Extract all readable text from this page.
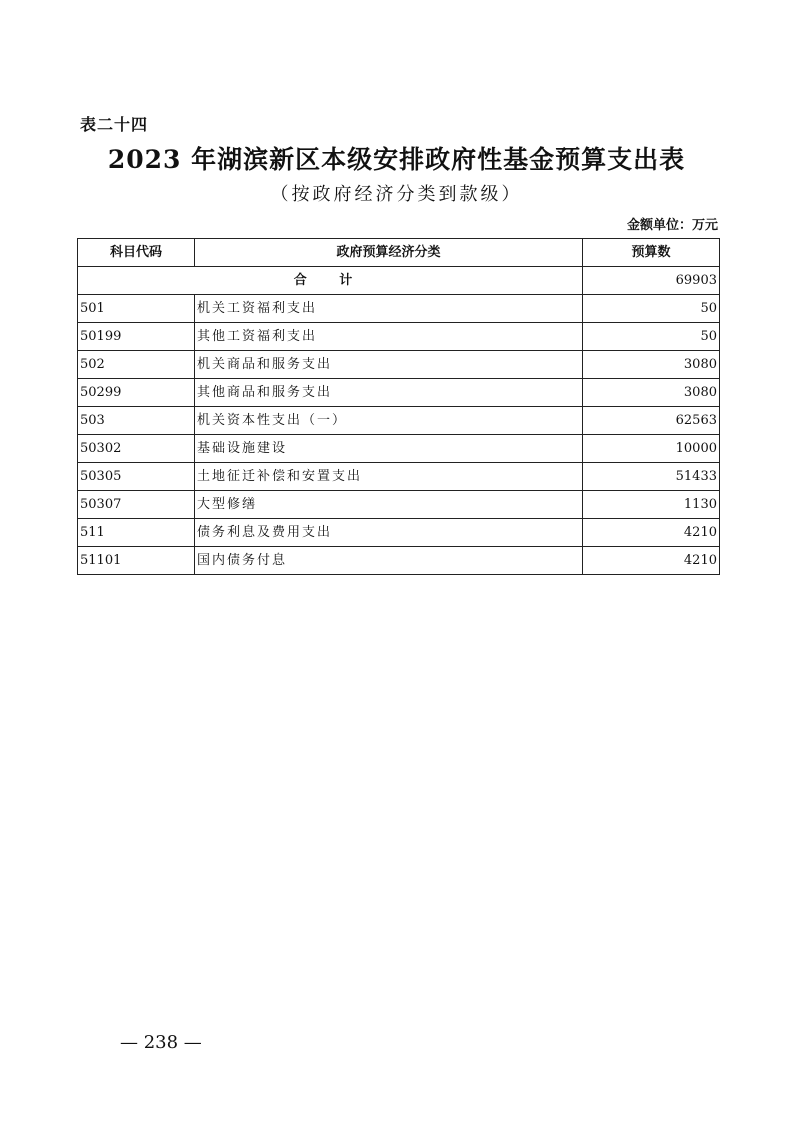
表二十四
2023 年湖滨新区本级安排政府性基金预算支出表
（按政府经济分类到款级）
金额单位：万元
科目代码	政府预算经济分类	预算数
合 计		69903
501	机关工资福利支出	50
50199	其他工资福利支出	50
502	机关商品和服务支出	3080
50299	其他商品和服务支出	3080
503	机关资本性支出（一）	62563
50302	基础设施建设	10000
50305	土地征迁补偿和安置支出	51433
50307	大型修缮	1130
511	债务利息及费用支出	4210
51101	国内债务付息	4210
— 238 —
